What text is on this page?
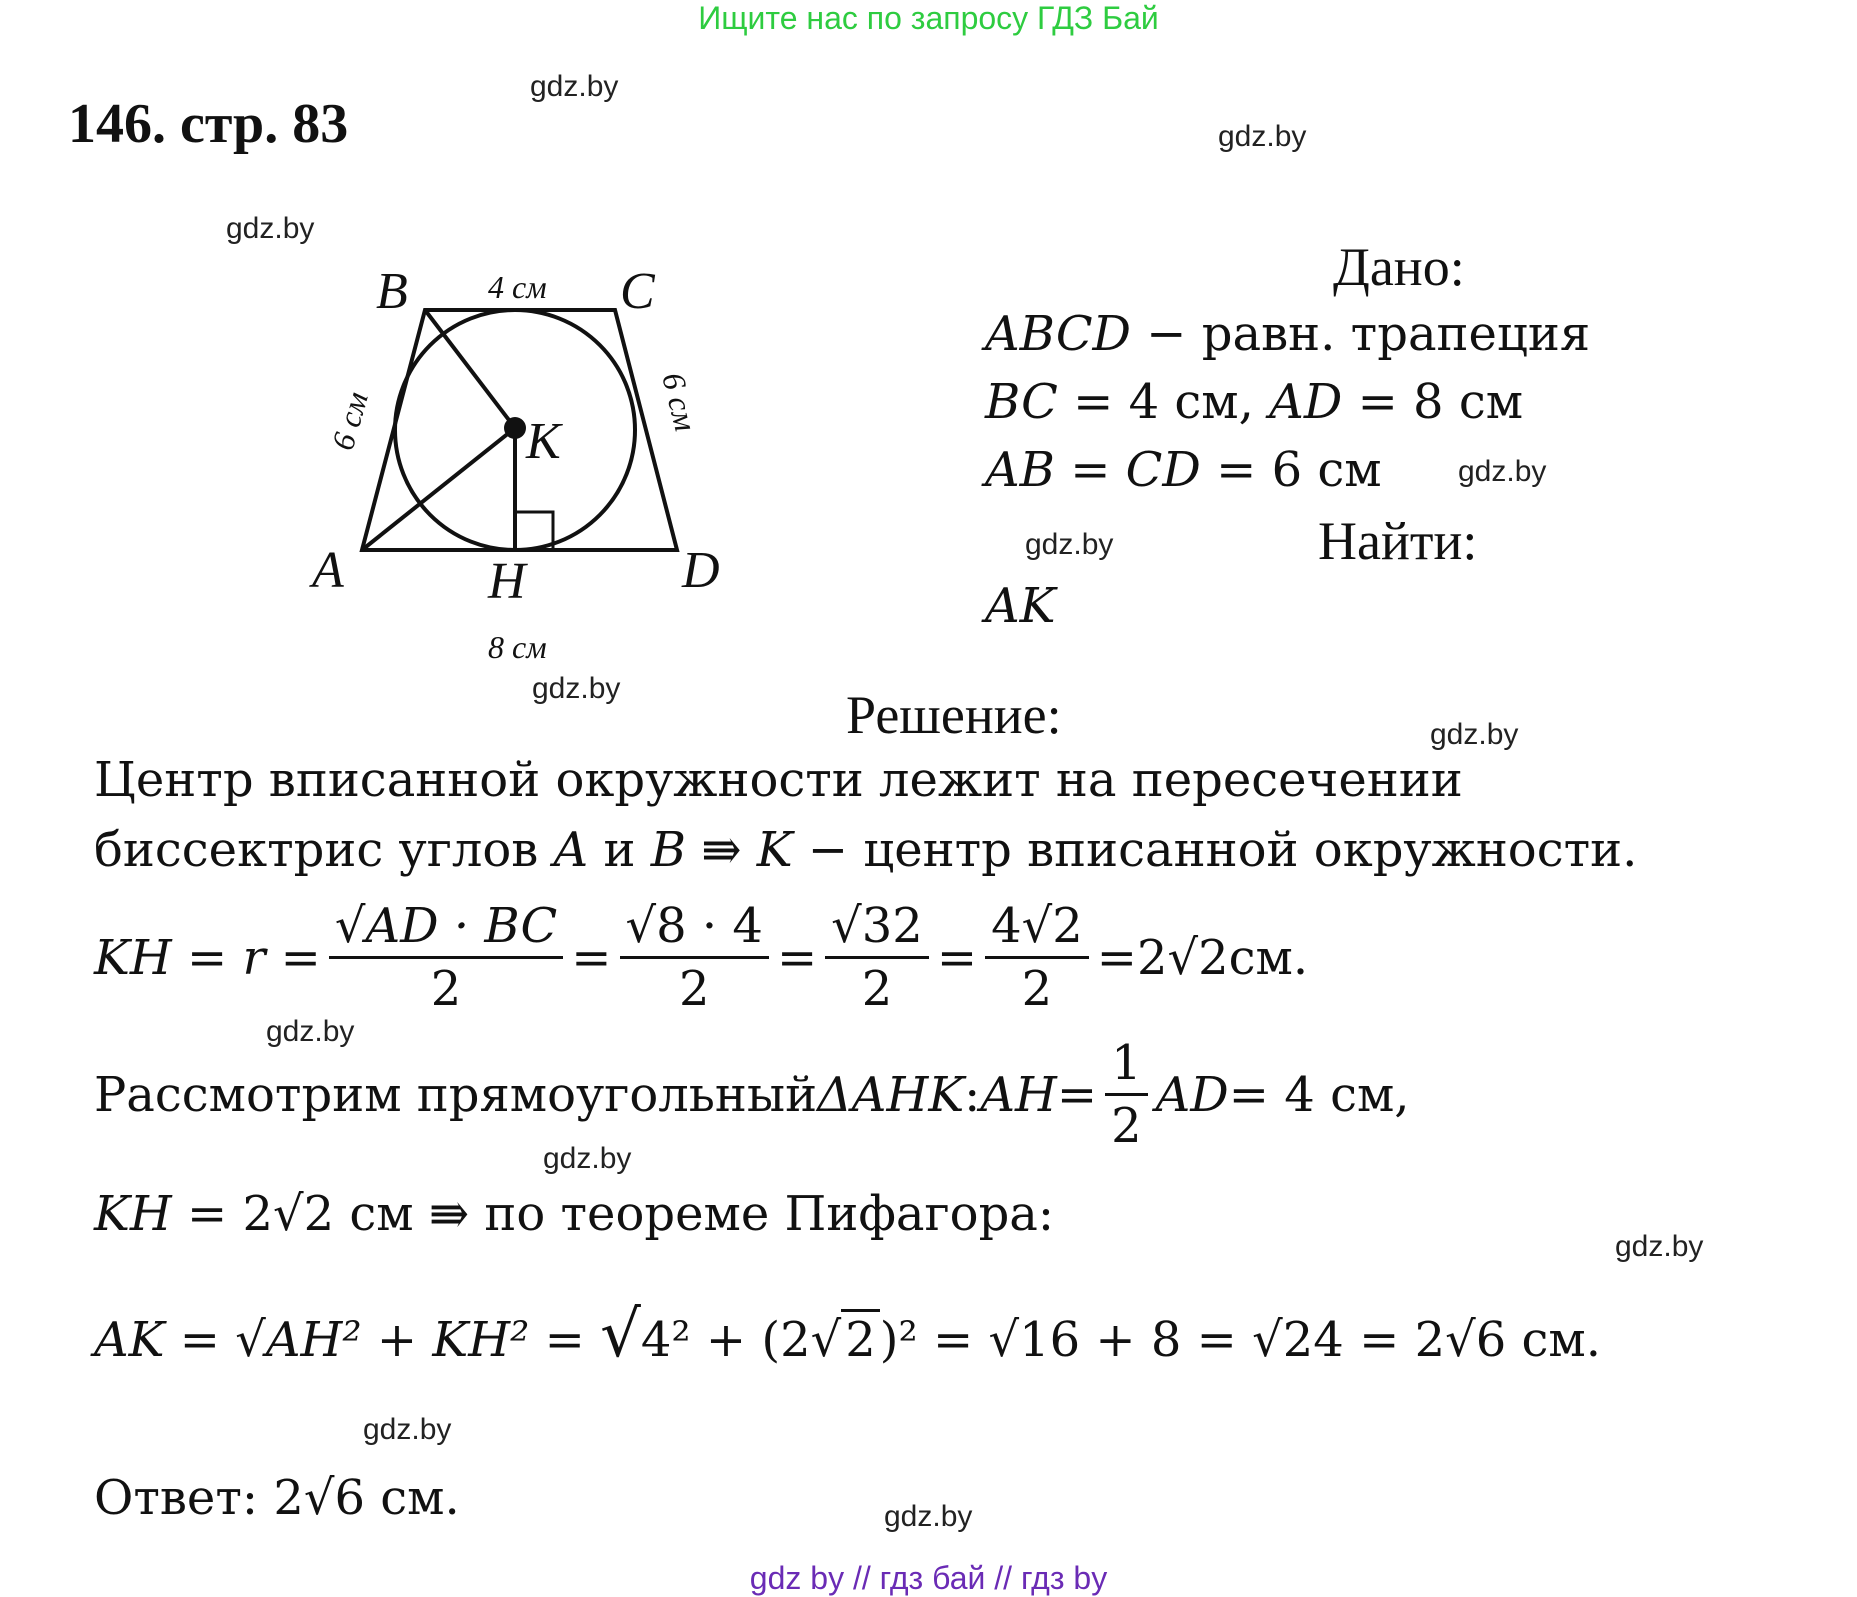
Ищите нас по запросу ГДЗ Бай
146. стр. 83
gdz.by
gdz.by
gdz.by
gdz.by
gdz.by
gdz.by
gdz.by
gdz.by
gdz.by
gdz.by
gdz.by
gdz.by
B	C
A	D
K
H
4 см
8 см
6 см	6 см
Дано:
ABCD − равн. трапеция
BC = 4 см, AD = 8 см
AB = CD = 6 см
Найти:
AK
Решение:
Центр вписанной окружности лежит на пересечении
биссектрис углов A и B ⇛ K − центр вписанной окружности.
KH = $r = \frac{√AD \cdot BC}{2} = \frac{√8 \cdot 4}{2} = \frac{√32}{2} = \frac{4√2}{2} = 2$ √ 2 см.
Рассмотрим прямоугольный ΔAHK : AH = $\frac{1}{2}$ AD = 4 см,
KH = 2√2 см ⇛ по теореме Пифагора:
AK = √AH² + KH² = √4² + (2√2)² = √16 + 8 = √24 = 2√6 см.
Ответ: 2√6 см.
gdz by // гдз бай // гдз by
